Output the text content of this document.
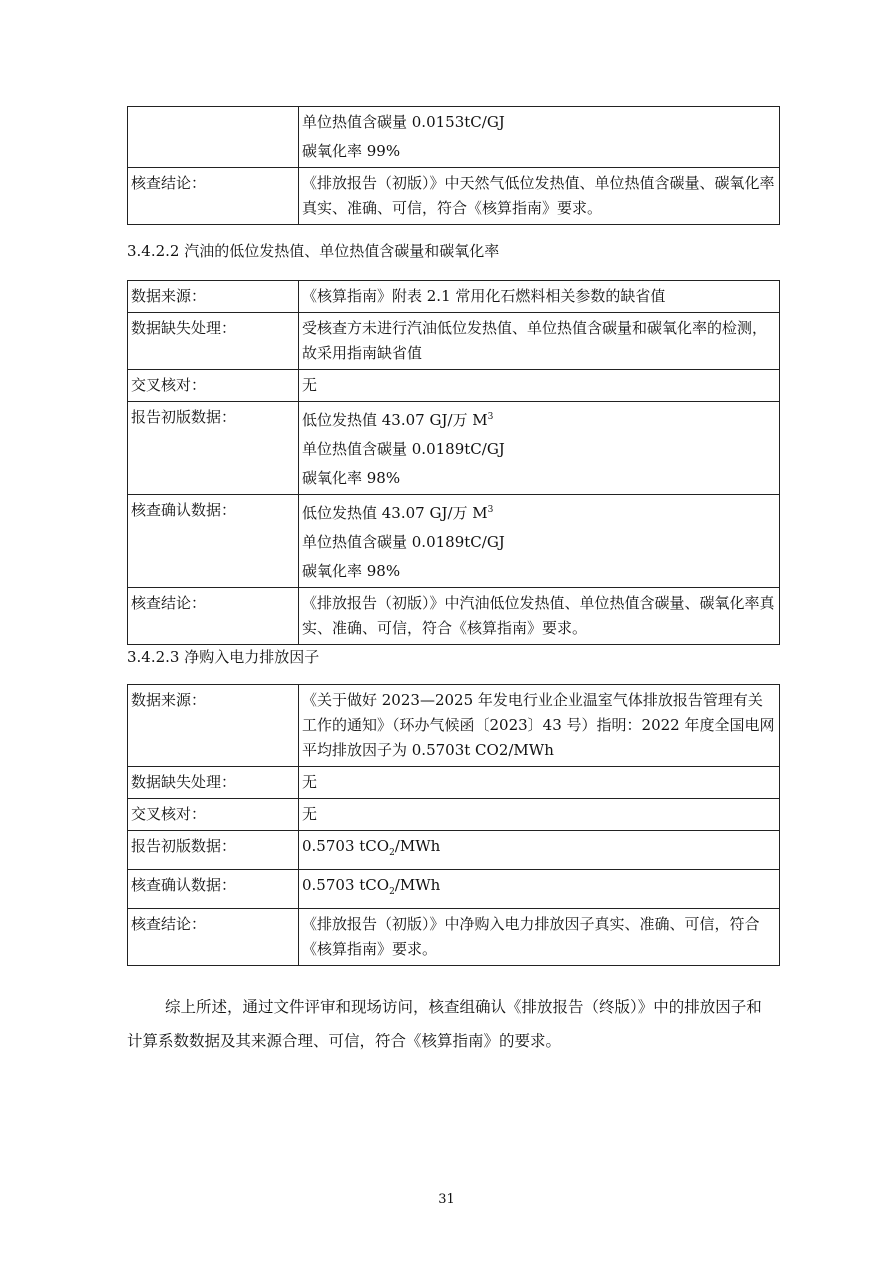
	单位热值含碳量 0.0153tC/GJ
碳氧化率 99%

核查结论：	《排放报告（初版）》中天然气低位发热值、单位热值含碳量、碳氧化率真实、准确、可信，符合《核算指南》要求。
3.4.2.2 汽油的低位发热值、单位热值含碳量和碳氧化率
数据来源：	《核算指南》附表 2.1 常用化石燃料相关参数的缺省值
数据缺失处理：	受核查方未进行汽油低位发热值、单位热值含碳量和碳氧化率的检测，故采用指南缺省值

交叉核对：	无
报告初版数据：	低位发热值 43.07 GJ/万 $M^3$
单位热值含碳量 0.0189tC/GJ
碳氧化率 98%

核查确认数据：	低位发热值 43.07 GJ/万 $M^3$
单位热值含碳量 0.0189tC/GJ
碳氧化率 98%

核查结论：	《排放报告（初版）》中汽油低位发热值、单位热值含碳量、碳氧化率真实、准确、可信，符合《核算指南》要求。
3.4.2.3 净购入电力排放因子
数据来源：	《关于做好 2023—2025 年发电行业企业温室气体排放报告管理有关工作的通知》（环办气候函〔2023〕43 号）指明：2022 年度全国电网平均排放因子为 0.5703t CO2/MWh

数据缺失处理：	无
交叉核对：	无
报告初版数据：	0.5703 tCO$_2$/MWh
核查确认数据：	0.5703 tCO$_2$/MWh
核查结论：	《排放报告（初版）》中净购入电力排放因子真实、准确、可信，符合《核算指南》要求。

综上所述，通过文件评审和现场访问，核查组确认《排放报告（终版）》中的排放因子和计算系数数据及其来源合理、可信，符合《核算指南》的要求。

31
